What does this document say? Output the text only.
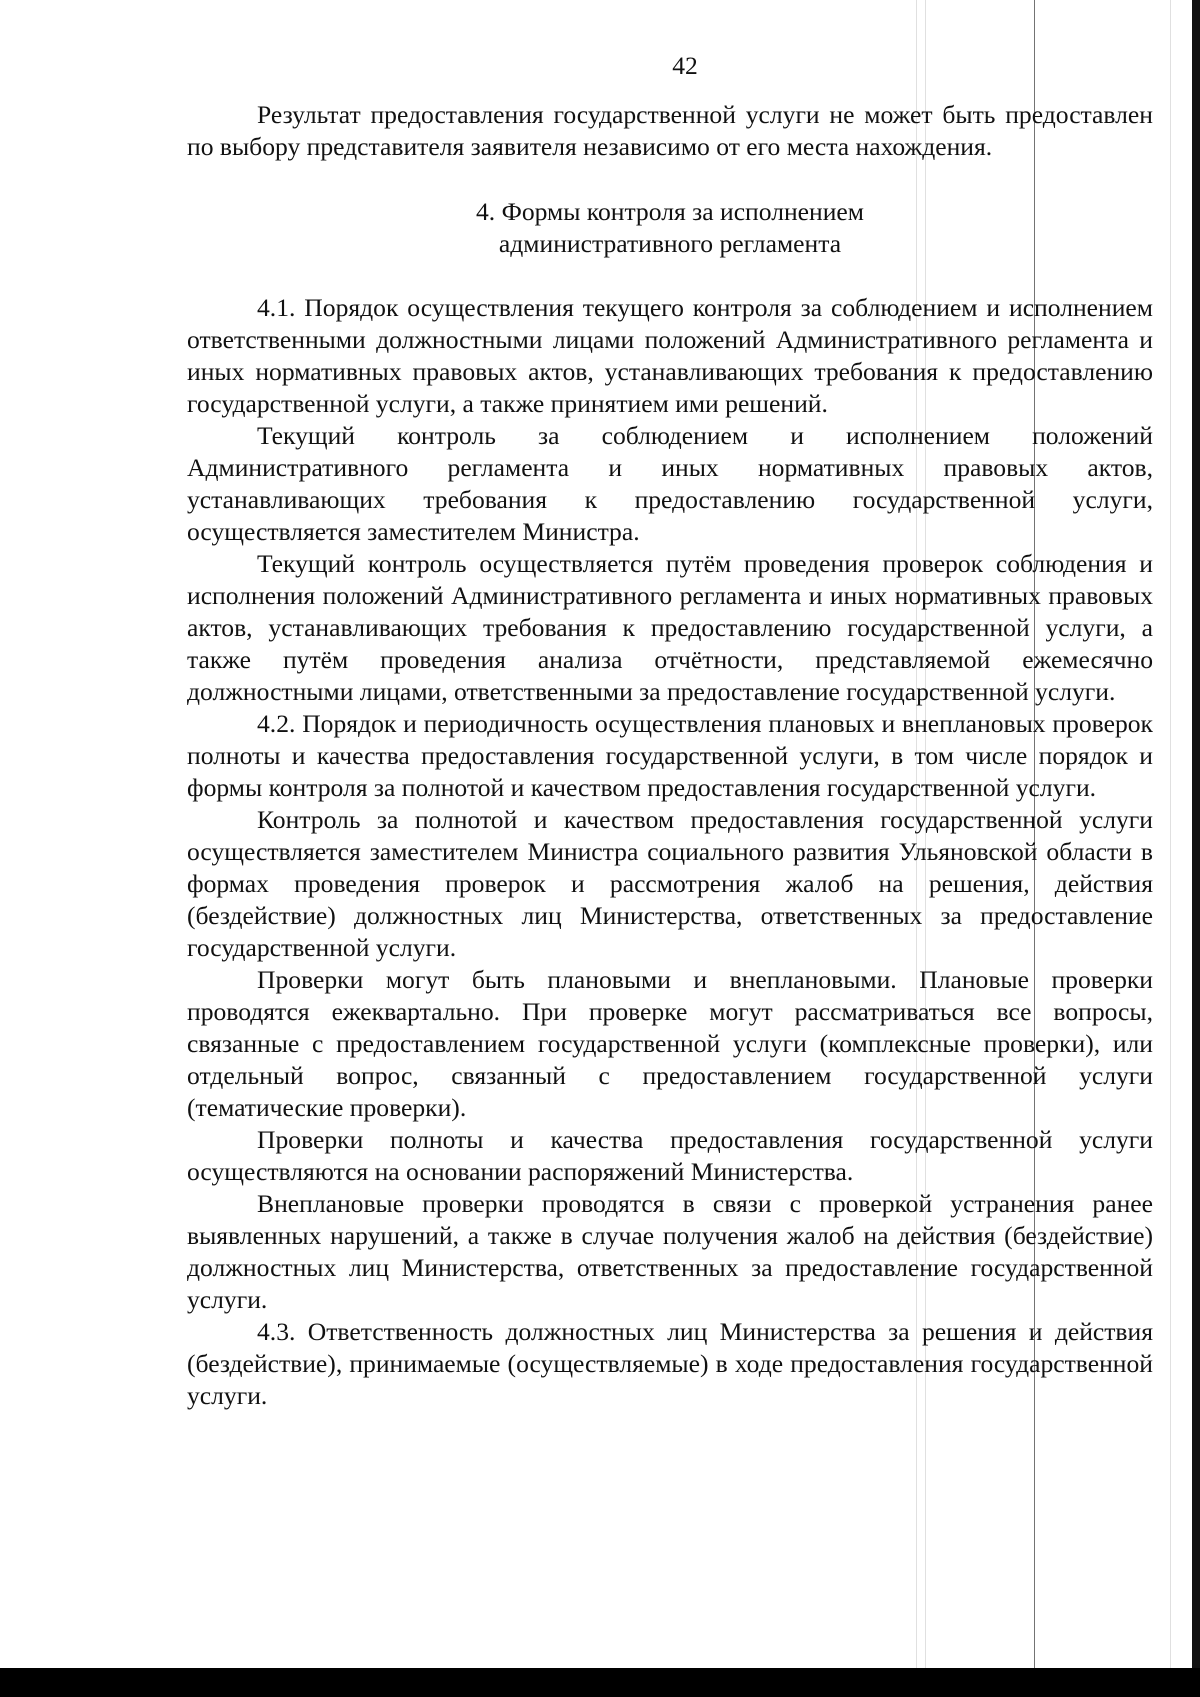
42

Результат предоставления государственной услуги не может быть предоставлен по выбору представителя заявителя независимо от его места нахождения.

4. Формы контроля за исполнением
административного регламента

4.1. Порядок осуществления текущего контроля за соблюдением и исполнением ответственными должностными лицами положений Административного регламента и иных нормативных правовых актов, устанавливающих требования к предоставлению государственной услуги, а также принятием ими решений.

Текущий контроль за соблюдением и исполнением положений Административного регламента и иных нормативных правовых актов, устанавливающих требования к предоставлению государственной услуги, осуществляется заместителем Министра.

Текущий контроль осуществляется путём проведения проверок соблюдения и исполнения положений Административного регламента и иных нормативных правовых актов, устанавливающих требования к предоставлению государственной услуги, а также путём проведения анализа отчётности, представляемой ежемесячно должностными лицами, ответственными за предоставление государственной услуги.

4.2. Порядок и периодичность осуществления плановых и внеплановых проверок полноты и качества предоставления государственной услуги, в том числе порядок и формы контроля за полнотой и качеством предоставления государственной услуги.

Контроль за полнотой и качеством предоставления государственной услуги осуществляется заместителем Министра социального развития Ульяновской области в формах проведения проверок и рассмотрения жалоб на решения, действия (бездействие) должностных лиц Министерства, ответственных за предоставление государственной услуги.

Проверки могут быть плановыми и внеплановыми. Плановые проверки проводятся ежеквартально. При проверке могут рассматриваться все вопросы, связанные с предоставлением государственной услуги (комплексные проверки), или отдельный вопрос, связанный с предоставлением государственной услуги (тематические проверки).

Проверки полноты и качества предоставления государственной услуги осуществляются на основании распоряжений Министерства.

Внеплановые проверки проводятся в связи с проверкой устранения ранее выявленных нарушений, а также в случае получения жалоб на действия (бездействие) должностных лиц Министерства, ответственных за предоставление государственной услуги.

4.3. Ответственность должностных лиц Министерства за решения и действия (бездействие), принимаемые (осуществляемые) в ходе предоставления государственной услуги.
